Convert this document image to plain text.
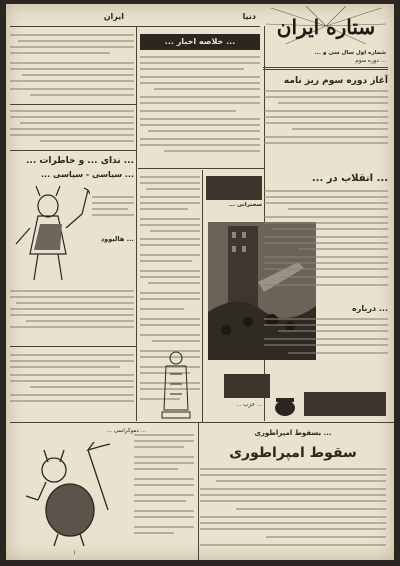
ستاره ایران
شماره اول سال سی و ...
... دوره سوم
ایران	دنیا
... ندای ... و خاطرات ...
... سیاسی - سیاسی ...
... هالیوود
... خلاصه اخبار ...
سخنرانی ...
آغاز دوره سوم ریز نامه
... انقلاب در ...
... درباره
... حزب ...
... دموکراسی ...
۱
سقوط امپراطوری
... بسقوط امپراطوری
